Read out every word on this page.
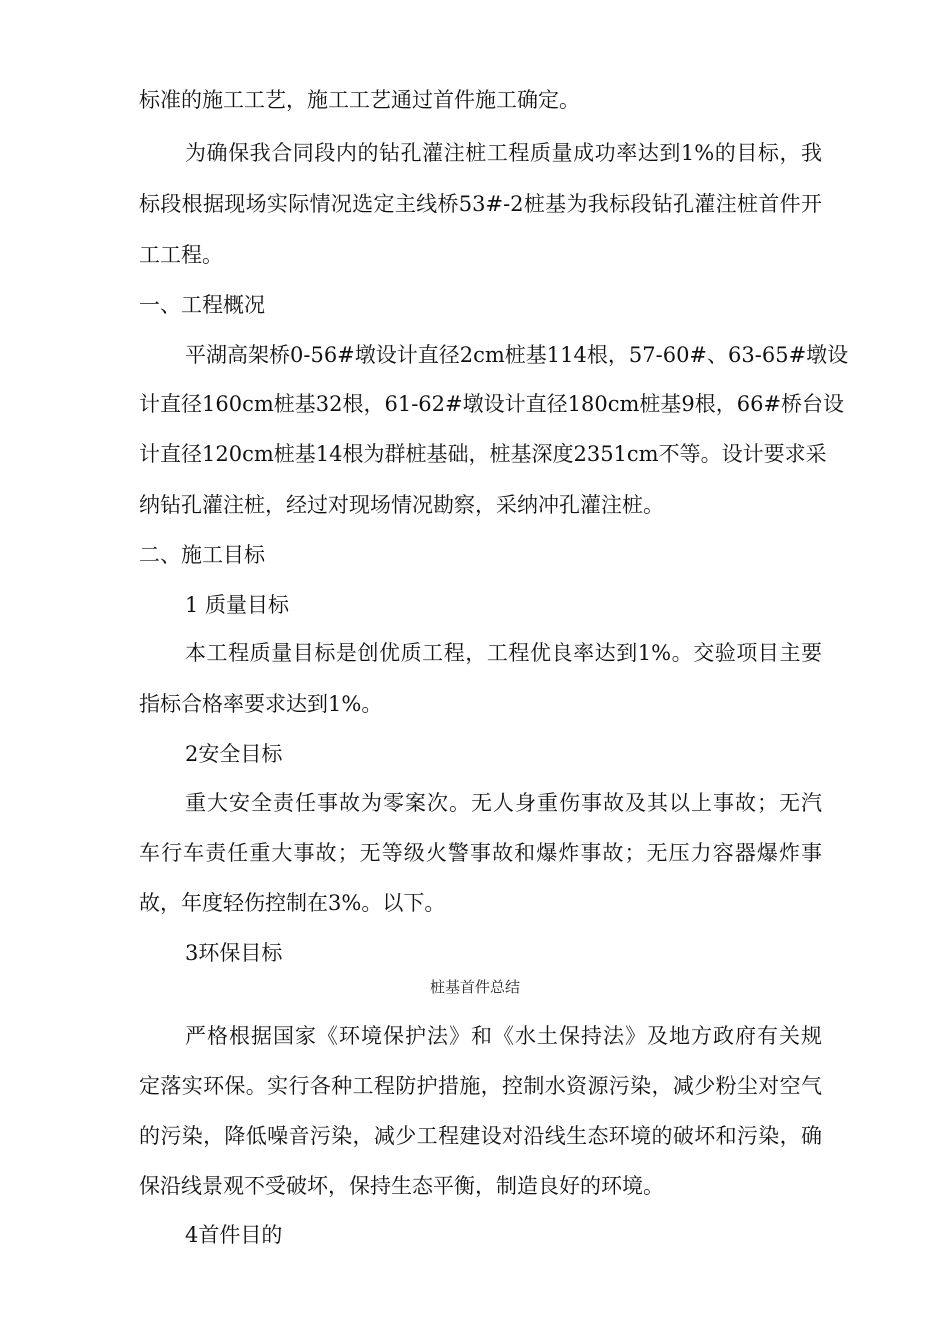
标准的施工工艺，施工工艺通过首件施工确定。

为确保我合同段内的钻孔灌注桩工程质量成功率达到1%的目标，我

标段根据现场实际情况选定主线桥53#-2桩基为我标段钻孔灌注桩首件开

工工程。

一、工程概况

平湖高架桥0-56#墩设计直径2cm桩基114根，57-60#、63-65#墩设

计直径160cm桩基32根，61-62#墩设计直径180cm桩基9根，66#桥台设

计直径120cm桩基14根为群桩基础，桩基深度2351cm不等。设计要求采

纳钻孔灌注桩，经过对现场情况勘察，采纳冲孔灌注桩。

二、施工目标

1 质量目标

本工程质量目标是创优质工程，工程优良率达到1%。交验项目主要

指标合格率要求达到1%。

2安全目标

重大安全责任事故为零案次。无人身重伤事故及其以上事故；无汽

车行车责任重大事故；无等级火警事故和爆炸事故；无压力容器爆炸事

故，年度轻伤控制在3%。以下。

3环保目标

桩基首件总结

严格根据国家《环境保护法》和《水土保持法》及地方政府有关规

定落实环保。实行各种工程防护措施，控制水资源污染，减少粉尘对空气

的污染，降低噪音污染，减少工程建设对沿线生态环境的破坏和污染，确

保沿线景观不受破坏，保持生态平衡，制造良好的环境。

4首件目的
